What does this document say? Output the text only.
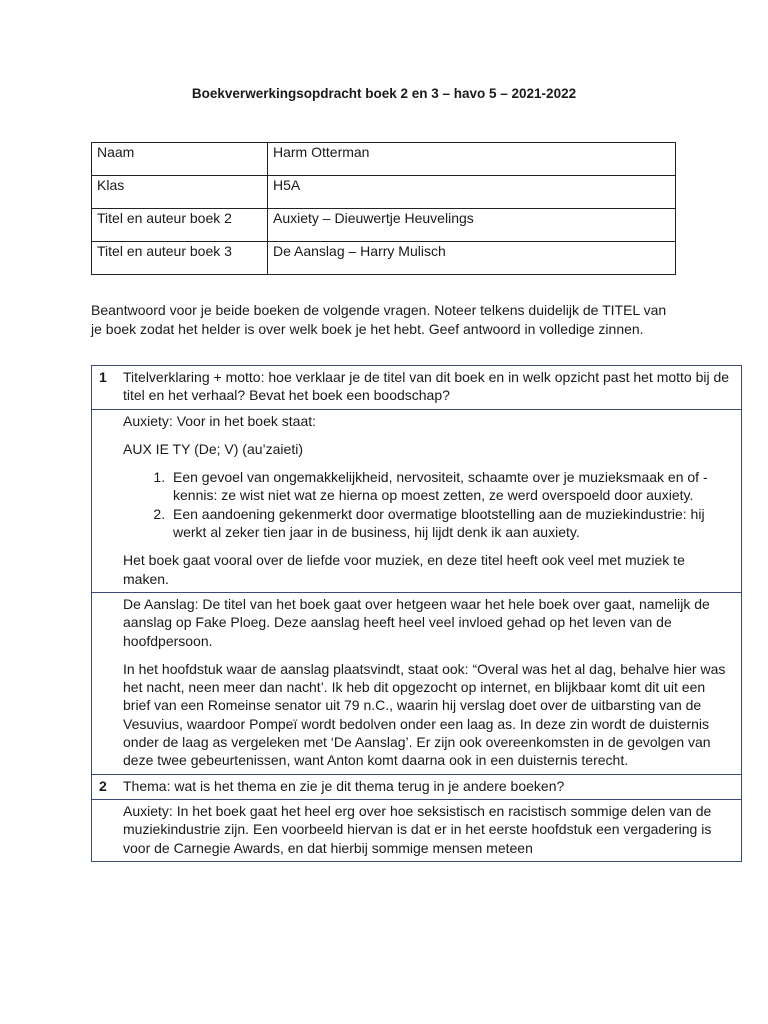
Boekverwerkingsopdracht boek 2 en 3 – havo 5 – 2021-2022
Naam	Harm Otterman
Klas	H5A
Titel en auteur boek 2	Auxiety – Dieuwertje Heuvelings
Titel en auteur boek 3	De Aanslag – Harry Mulisch
Beantwoord voor je beide boeken de volgende vragen. Noteer telkens duidelijk de TITEL van je boek zodat het helder is over welk boek je het hebt. Geef antwoord in volledige zinnen.
1	Titelverklaring + motto: hoe verklaar je de titel van dit boek en in welk opzicht past het motto bij de titel en het verhaal? Bevat het boek een boodschap?

Auxiety: Voor in het boek staat:

AUX IE TY (De; V) (au’zaieti)

1. Een gevoel van ongemakkelijkheid, nervositeit, schaamte over je muzieksmaak en of -kennis: ze wist niet wat ze hierna op moest zetten, ze werd overspoeld door auxiety.
2. Een aandoening gekenmerkt door overmatige blootstelling aan de muziekindustrie: hij werkt al zeker tien jaar in de business, hij lijdt denk ik aan auxiety.

Het boek gaat vooral over de liefde voor muziek, en deze titel heeft ook veel met muziek te maken.

De Aanslag: De titel van het boek gaat over hetgeen waar het hele boek over gaat, namelijk de aanslag op Fake Ploeg. Deze aanslag heeft heel veel invloed gehad op het leven van de hoofdpersoon.

In het hoofdstuk waar de aanslag plaatsvindt, staat ook: “Overal was het al dag, behalve hier was het nacht, neen meer dan nacht’. Ik heb dit opgezocht op internet, en blijkbaar komt dit uit een brief van een Romeinse senator uit 79 n.C., waarin hij verslag doet over de uitbarsting van de Vesuvius, waardoor Pompeï wordt bedolven onder een laag as. In deze zin wordt de duisternis onder de laag as vergeleken met ‘De Aanslag’. Er zijn ook overeenkomsten in de gevolgen van deze twee gebeurtenissen, want Anton komt daarna ook in een duisternis terecht.

2	Thema: wat is het thema en zie je dit thema terug in je andere boeken?

Auxiety: In het boek gaat het heel erg over hoe seksistisch en racistisch sommige delen van de muziekindustrie zijn. Een voorbeeld hiervan is dat er in het eerste hoofdstuk een vergadering is voor de Carnegie Awards, en dat hierbij sommige mensen meteen
